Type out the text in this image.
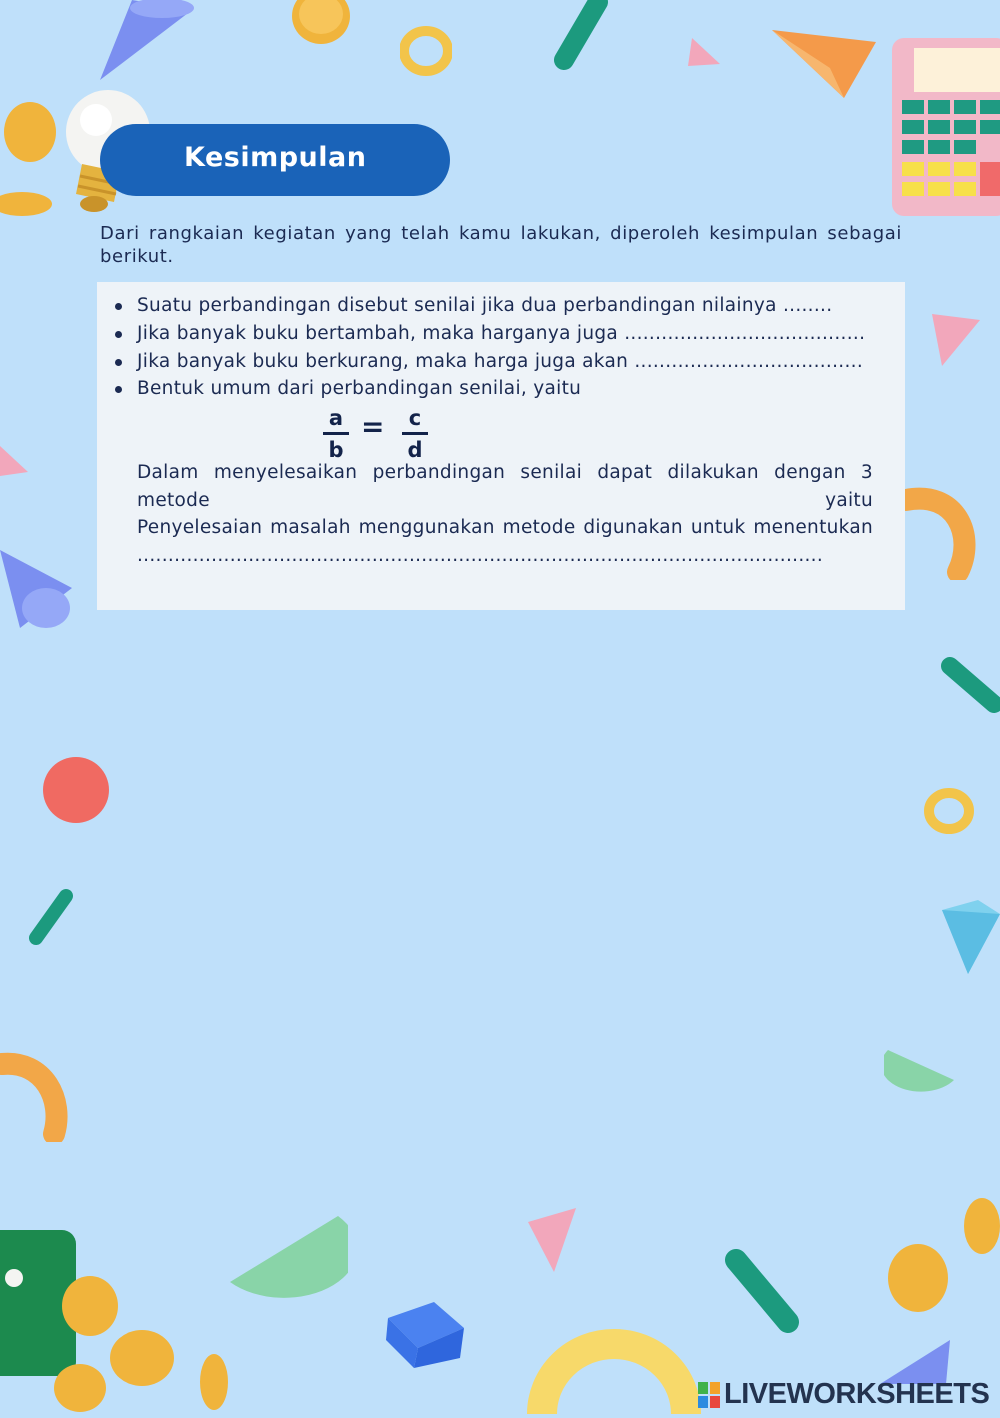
Kesimpulan
Dari rangkaian kegiatan yang telah kamu lakukan, diperoleh kesimpulan sebagai berikut.
Suatu perbandingan disebut senilai jika dua perbandingan nilainya ........
Jika banyak buku bertambah, maka harganya juga .......................................
Jika banyak buku berkurang, maka harga juga akan .....................................
Bentuk umum dari perbandingan senilai, yaitu
a
b
=	c
d
Dalam menyelesaikan perbandingan senilai dapat dilakukan dengan 3 metode yaitu
Penyelesaian masalah menggunakan metode digunakan untuk menentukan ...............................................................................................................
LIVEWORKSHEETS
